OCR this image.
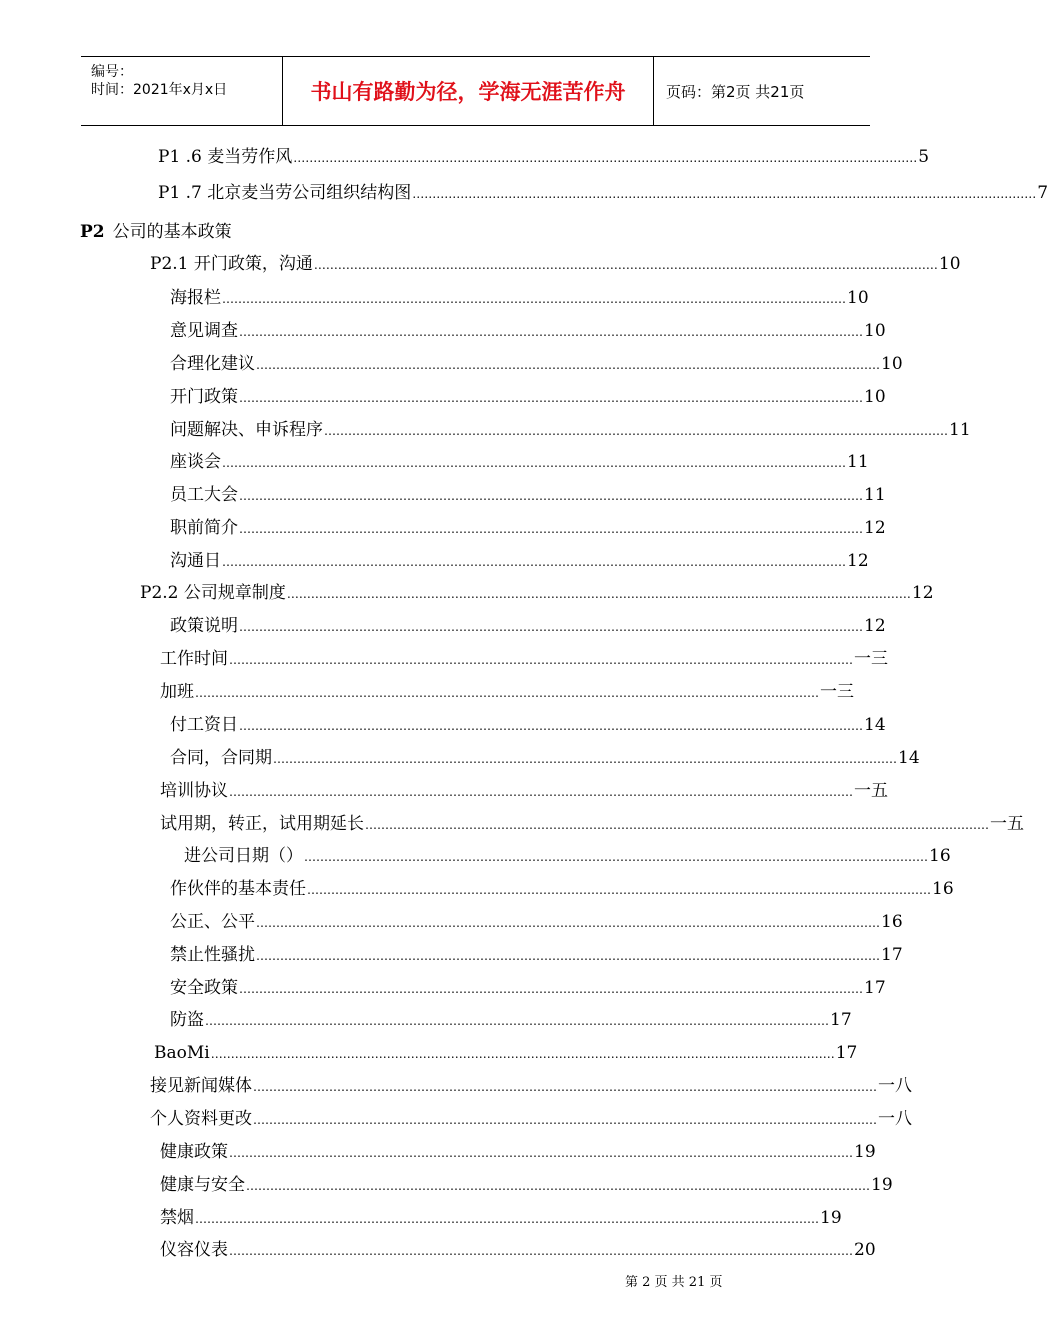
编号：
时间：2021年x月x日	书山有路勤为径，学海无涯苦作舟	页码：第2页 共21页
P1 .6 麦当劳作风 ………………………………………………………………………………………………………………………………………… 5
P1 .7 北京麦当劳公司组织结构图 ………………………………………………………………………………………………………………………………………… 7
P2 公司的基本政策
P2.1 开门政策，沟通 ………………………………………………………………………………………………………………………………………… 10
海报栏 ………………………………………………………………………………………………………………………………………… 10
意见调查 ………………………………………………………………………………………………………………………………………… 10
合理化建议 ………………………………………………………………………………………………………………………………………… 10
开门政策 ………………………………………………………………………………………………………………………………………… 10
问题解决、申诉程序 ………………………………………………………………………………………………………………………………………… 11
座谈会 ………………………………………………………………………………………………………………………………………… 11
员工大会 ………………………………………………………………………………………………………………………………………… 11
职前简介 ………………………………………………………………………………………………………………………………………… 12
沟通日 ………………………………………………………………………………………………………………………………………… 12
P2.2 公司规章制度 ………………………………………………………………………………………………………………………………………… 12
政策说明 ………………………………………………………………………………………………………………………………………… 12
工作时间 ………………………………………………………………………………………………………………………………………… 一三
加班 ………………………………………………………………………………………………………………………………………… 一三
付工资日 ………………………………………………………………………………………………………………………………………… 14
合同，合同期 ………………………………………………………………………………………………………………………………………… 14
培训协议 ………………………………………………………………………………………………………………………………………… 一五
试用期，转正，试用期延长 ………………………………………………………………………………………………………………………………………… 一五
进公司日期（） ………………………………………………………………………………………………………………………………………… 16
作伙伴的基本责任 ………………………………………………………………………………………………………………………………………… 16
公正、公平 ………………………………………………………………………………………………………………………………………… 16
禁止性骚扰 ………………………………………………………………………………………………………………………………………… 17
安全政策 ………………………………………………………………………………………………………………………………………… 17
防盗 ………………………………………………………………………………………………………………………………………… 17
BaoMi ………………………………………………………………………………………………………………………………………… 17
接见新闻媒体 ………………………………………………………………………………………………………………………………………… 一八
个人资料更改 ………………………………………………………………………………………………………………………………………… 一八
健康政策 ………………………………………………………………………………………………………………………………………… 19
健康与安全 ………………………………………………………………………………………………………………………………………… 19
禁烟 ………………………………………………………………………………………………………………………………………… 19
仪容仪表 ………………………………………………………………………………………………………………………………………… 20
第 2 页 共 21 页
